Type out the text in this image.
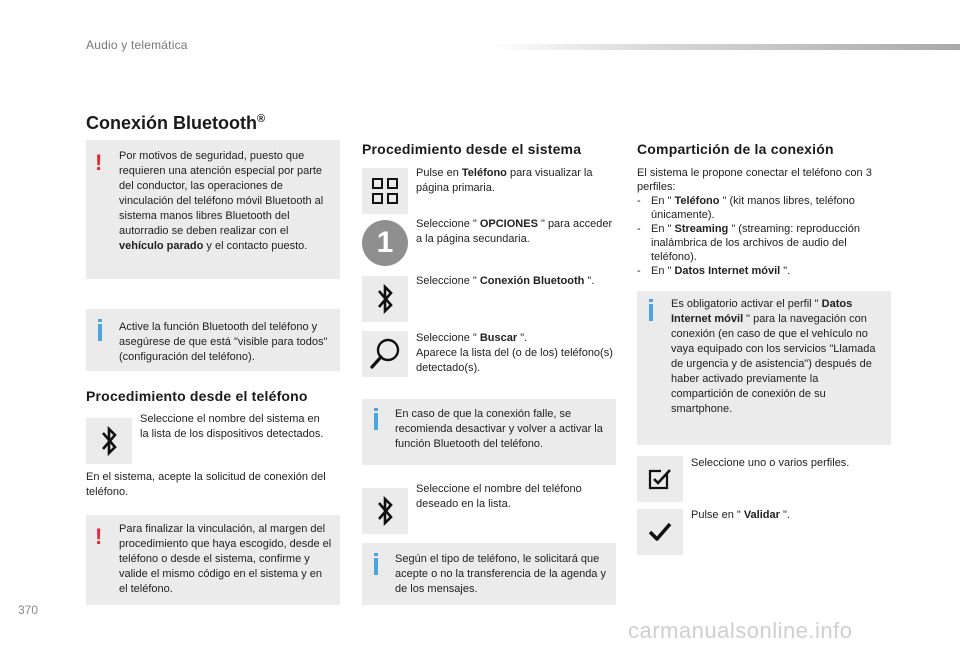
Audio y telemática
Conexión Bluetooth®
! Por motivos de seguridad, puesto que requieren una atención especial por parte del conductor, las operaciones de vinculación del teléfono móvil Bluetooth al sistema manos libres Bluetooth del autorradio se deben realizar con el vehículo parado y el contacto puesto.

Active la función Bluetooth del teléfono y asegúrese de que está "visible para todos" (configuración del teléfono).

Procedimiento desde el teléfono

Seleccione el nombre del sistema en la lista de los dispositivos detectados.

En el sistema, acepte la solicitud de conexión del teléfono.

! Para finalizar la vinculación, al margen del procedimiento que haya escogido, desde el teléfono o desde el sistema, confirme y valide el mismo código en el sistema y en el teléfono.

Procedimiento desde el sistema

Pulse en Teléfono para visualizar la página primaria.

1

Seleccione " OPCIONES " para acceder a la página secundaria.

Seleccione " Conexión Bluetooth ".

Seleccione " Buscar ".
Aparece la lista del (o de los) teléfono(s) detectado(s).

En caso de que la conexión falle, se recomienda desactivar y volver a activar la función Bluetooth del teléfono.

Seleccione el nombre del teléfono deseado en la lista.

Según el tipo de teléfono, le solicitará que acepte o no la transferencia de la agenda y de los mensajes.

Compartición de la conexión

El sistema le propone conectar el teléfono con 3 perfiles:

- En " Teléfono " (kit manos libres, teléfono únicamente).
- En " Streaming " (streaming: reproducción inalámbrica de los archivos de audio del teléfono).
- En " Datos Internet móvil ".

Es obligatorio activar el perfil " Datos Internet móvil " para la navegación con conexión (en caso de que el vehículo no vaya equipado con los servicios "Llamada de urgencia y de asistencia") después de haber activado previamente la compartición de conexión de su smartphone.

Seleccione uno o varios perfiles.

Pulse en " Validar ".

370
carmanualsonline.info
